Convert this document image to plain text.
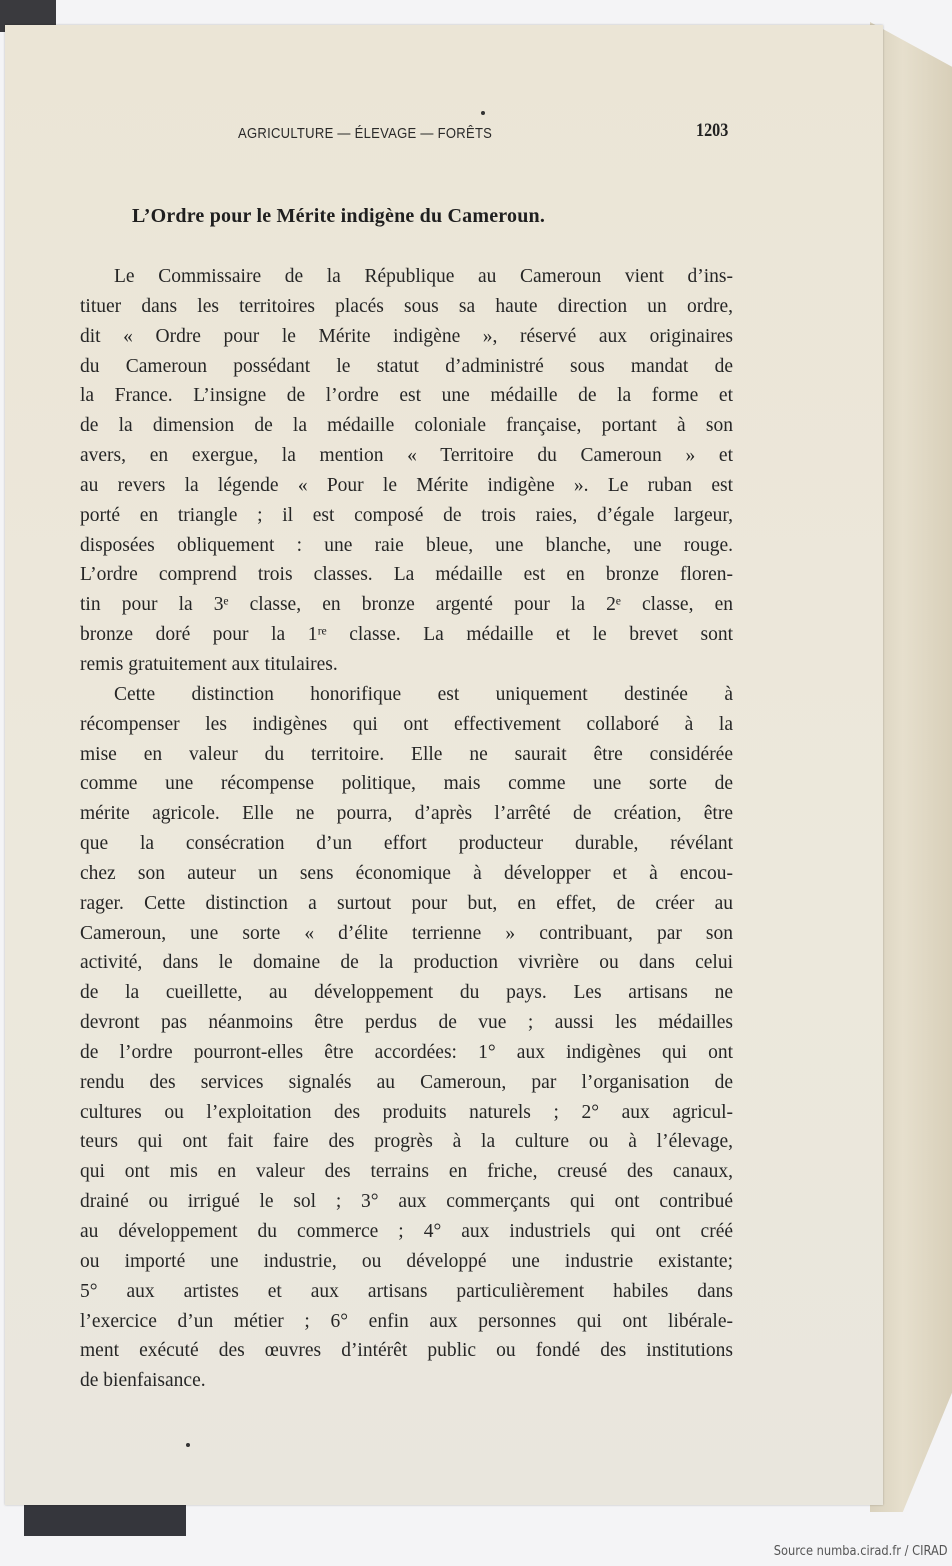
AGRICULTURE — ÉLEVAGE — FORÊTS	1203
L’Ordre pour le Mérite indigène du Cameroun.
Le Commissaire de la République au Cameroun vient d’ins-
tituer dans les territoires placés sous sa haute direction un ordre,
dit « Ordre pour le Mérite indigène », réservé aux originaires
du Cameroun possédant le statut d’administré sous mandat de
la France. L’insigne de l’ordre est une médaille de la forme et
de la dimension de la médaille coloniale française, portant à son
avers, en exergue, la mention « Territoire du Cameroun » et
au revers la légende « Pour le Mérite indigène ». Le ruban est
porté en triangle ; il est composé de trois raies, d’égale largeur,
disposées obliquement : une raie bleue, une blanche, une rouge.
L’ordre comprend trois classes. La médaille est en bronze floren-
tin pour la 3ᵉ classe, en bronze argenté pour la 2ᵉ classe, en
bronze doré pour la 1ʳᵉ classe. La médaille et le brevet sont
remis gratuitement aux titulaires.
Cette distinction honorifique est uniquement destinée à
récompenser les indigènes qui ont effectivement collaboré à la
mise en valeur du territoire. Elle ne saurait être considérée
comme une récompense politique, mais comme une sorte de
mérite agricole. Elle ne pourra, d’après l’arrêté de création, être
que la consécration d’un effort producteur durable, révélant
chez son auteur un sens économique à développer et à encou-
rager. Cette distinction a surtout pour but, en effet, de créer au
Cameroun, une sorte « d’élite terrienne » contribuant, par son
activité, dans le domaine de la production vivrière ou dans celui
de la cueillette, au développement du pays. Les artisans ne
devront pas néanmoins être perdus de vue ; aussi les médailles
de l’ordre pourront-elles être accordées: 1° aux indigènes qui ont
rendu des services signalés au Cameroun, par l’organisation de
cultures ou l’exploitation des produits naturels ; 2° aux agricul-
teurs qui ont fait faire des progrès à la culture ou à l’élevage,
qui ont mis en valeur des terrains en friche, creusé des canaux,
drainé ou irrigué le sol ; 3° aux commerçants qui ont contribué
au développement du commerce ; 4° aux industriels qui ont créé
ou importé une industrie, ou développé une industrie existante;
5° aux artistes et aux artisans particulièrement habiles dans
l’exercice d’un métier ; 6° enfin aux personnes qui ont libérale-
ment exécuté des œuvres d’intérêt public ou fondé des institutions
de bienfaisance.
Source numba.cirad.fr / CIRAD
